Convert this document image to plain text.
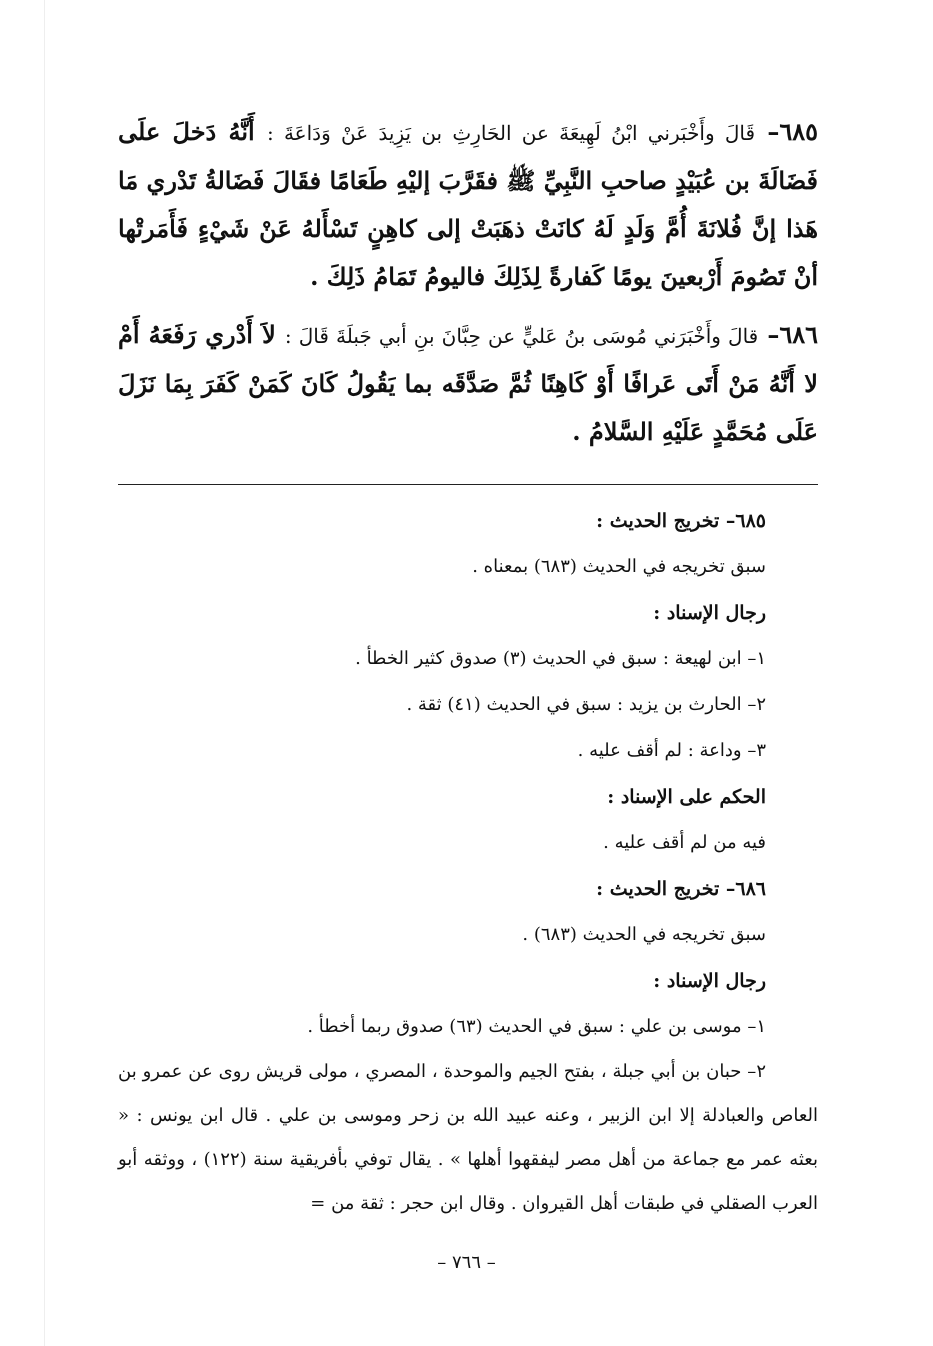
٦٨٥– قَالَ وأَخْبَرني ابْنُ لَهِيعَةَ عن الحَارِثِ بن يَزِيدَ عَنْ وَدَاعَةَ : أَنَّهُ دَخلَ علَى فَضَالَةَ بن عُبَيْدٍ صاحبِ النَّبِيِّ ﷺ فقَرَّبَ إليْهِ طَعَامًا فقَالَ فَضَالةُ تَدْري مَا هَذا إنَّ فُلانَةَ أُمَّ وَلَدٍ لَهُ كانَتْ ذهَبَتْ إلى كاهِنٍ تَسْأَلهُ عَنْ شَيْءٍ فَأَمَرتْها أنْ تَصُومَ أَرْبعينَ يومًا كَفارةً لِذَلِكَ فاليومُ تَمَامُ ذَلِكَ .

٦٨٦– قالَ وأَخْبَرَني مُوسَى بنُ عَليٍّ عن حِبَّانَ بنِ أبي جَبلَةَ قَالَ : لاَ أَدْري رَفَعَهُ أَمْ لا أَنَّهُ مَنْ أَتَى عَرافًا أَوْ كَاهِنًا ثُمَّ صَدَّقَه بما يَقُولُ كَانَ كَمَنْ كَفَرَ بِمَا نَزَلَ عَلَى مُحَمَّدٍ عَلَيْهِ السَّلامُ .

٦٨٥– تخريج الحديث :
سبق تخريجه في الحديث (٦٨٣) بمعناه .
رجال الإسناد :
١– ابن لهيعة : سبق في الحديث (٣) صدوق كثير الخطأ .
٢– الحارث بن يزيد : سبق في الحديث (٤١) ثقة .
٣– وداعة : لم أقف عليه .
الحكم على الإسناد :
فيه من لم أقف عليه .
٦٨٦– تخريج الحديث :
سبق تخريجه في الحديث (٦٨٣) .
رجال الإسناد :
١– موسى بن علي : سبق في الحديث (٦٣) صدوق ربما أخطأ .
٢– حبان بن أبي جبلة ، بفتح الجيم والموحدة ، المصري ، مولى قريش روى عن عمرو بن العاص والعبادلة إلا ابن الزبير ، وعنه عبيد الله بن زحر وموسى بن علي . قال ابن يونس : « بعثه عمر مع جماعة من أهل مصر ليفقهوا أهلها » . يقال توفي بأفريقية سنة (١٢٢) ، ووثقه أبو العرب الصقلي في طبقات أهل القيروان . وقال ابن حجر : ثقة من =
– ٧٦٦ –
